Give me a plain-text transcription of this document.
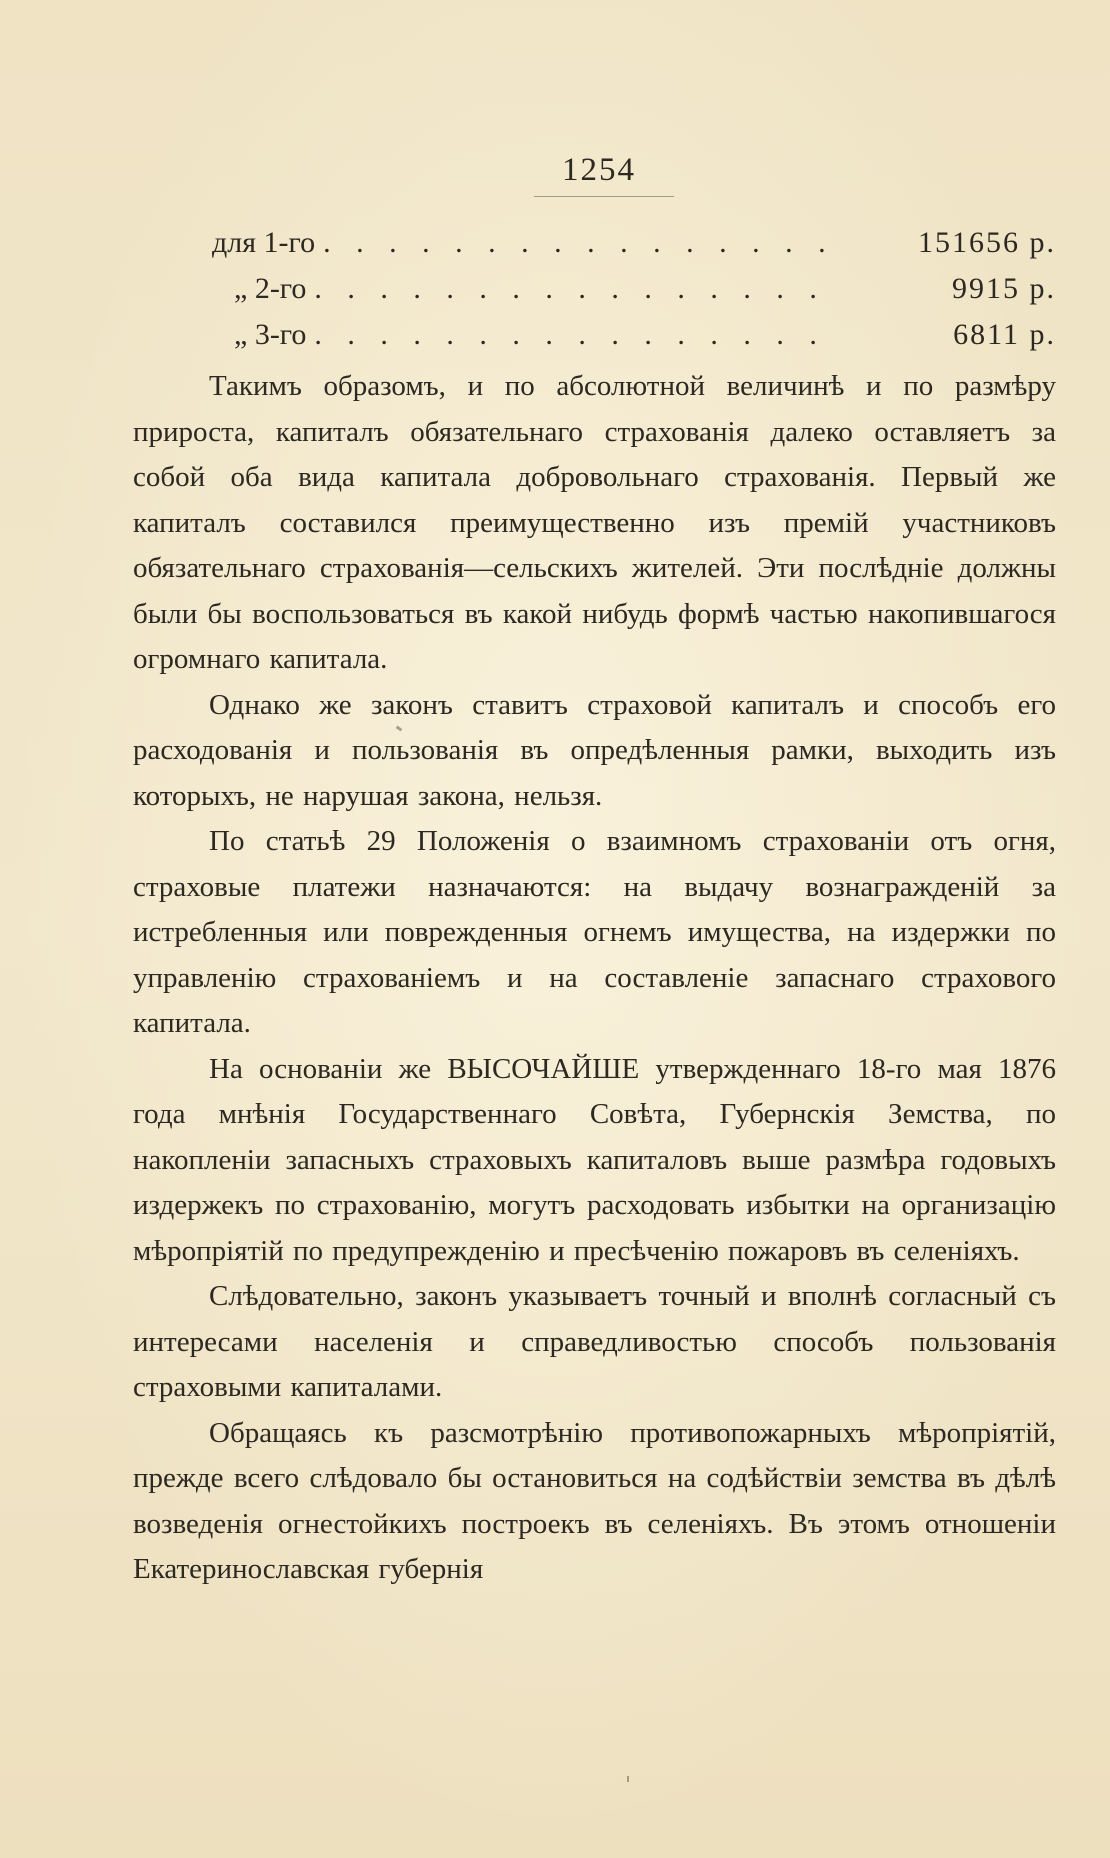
1254
для 1-го . . . . . . . . . . . . . . . .	151656 р.
„ 2-го . . . . . . . . . . . . . . . .	9915 р.
„ 3-го . . . . . . . . . . . . . . . .	6811 р.

Такимъ образомъ, и по абсолютной величинѣ и по размѣру прироста, капиталъ обязательнаго страхованія далеко оставляетъ за собой оба вида капитала добровольнаго страхованія. Первый же капиталъ составился преимущественно изъ премій участниковъ обязательнаго страхованія—сельскихъ жителей. Эти послѣдніе должны были бы воспользоваться въ какой нибудь формѣ частью накопившагося огромнаго капитала.

Однако же законъ ставитъ страховой капиталъ и способъ его расходованія и пользованія въ опредѣленныя рамки, выходить изъ которыхъ, не нарушая закона, нельзя.

По статьѣ 29 Положенія о взаимномъ страхованіи отъ огня, страховые платежи назначаются: на выдачу вознагражденій за истребленныя или поврежденныя огнемъ имущества, на издержки по управленію страхованіемъ и на составленіе запаснаго страхового капитала.

На основаніи же ВЫСОЧАЙШЕ утвержденнаго 18-го мая 1876 года мнѣнія Государственнаго Совѣта, Губернскія Земства, по накопленіи запасныхъ страховыхъ капиталовъ выше размѣра годовыхъ издержекъ по страхованію, могутъ расходовать избытки на организацію мѣропріятій по предупрежденію и пресѣченію пожаровъ въ селеніяхъ.

Слѣдовательно, законъ указываетъ точный и вполнѣ согласный съ интересами населенія и справедливостью способъ пользованія страховыми капиталами.

Обращаясь къ разсмотрѣнію противопожарныхъ мѣропріятій, прежде всего слѣдовало бы остановиться на содѣйствіи земства въ дѣлѣ возведенія огнестойкихъ построекъ въ селеніяхъ. Въ этомъ отношеніи Екатеринославская губернія
